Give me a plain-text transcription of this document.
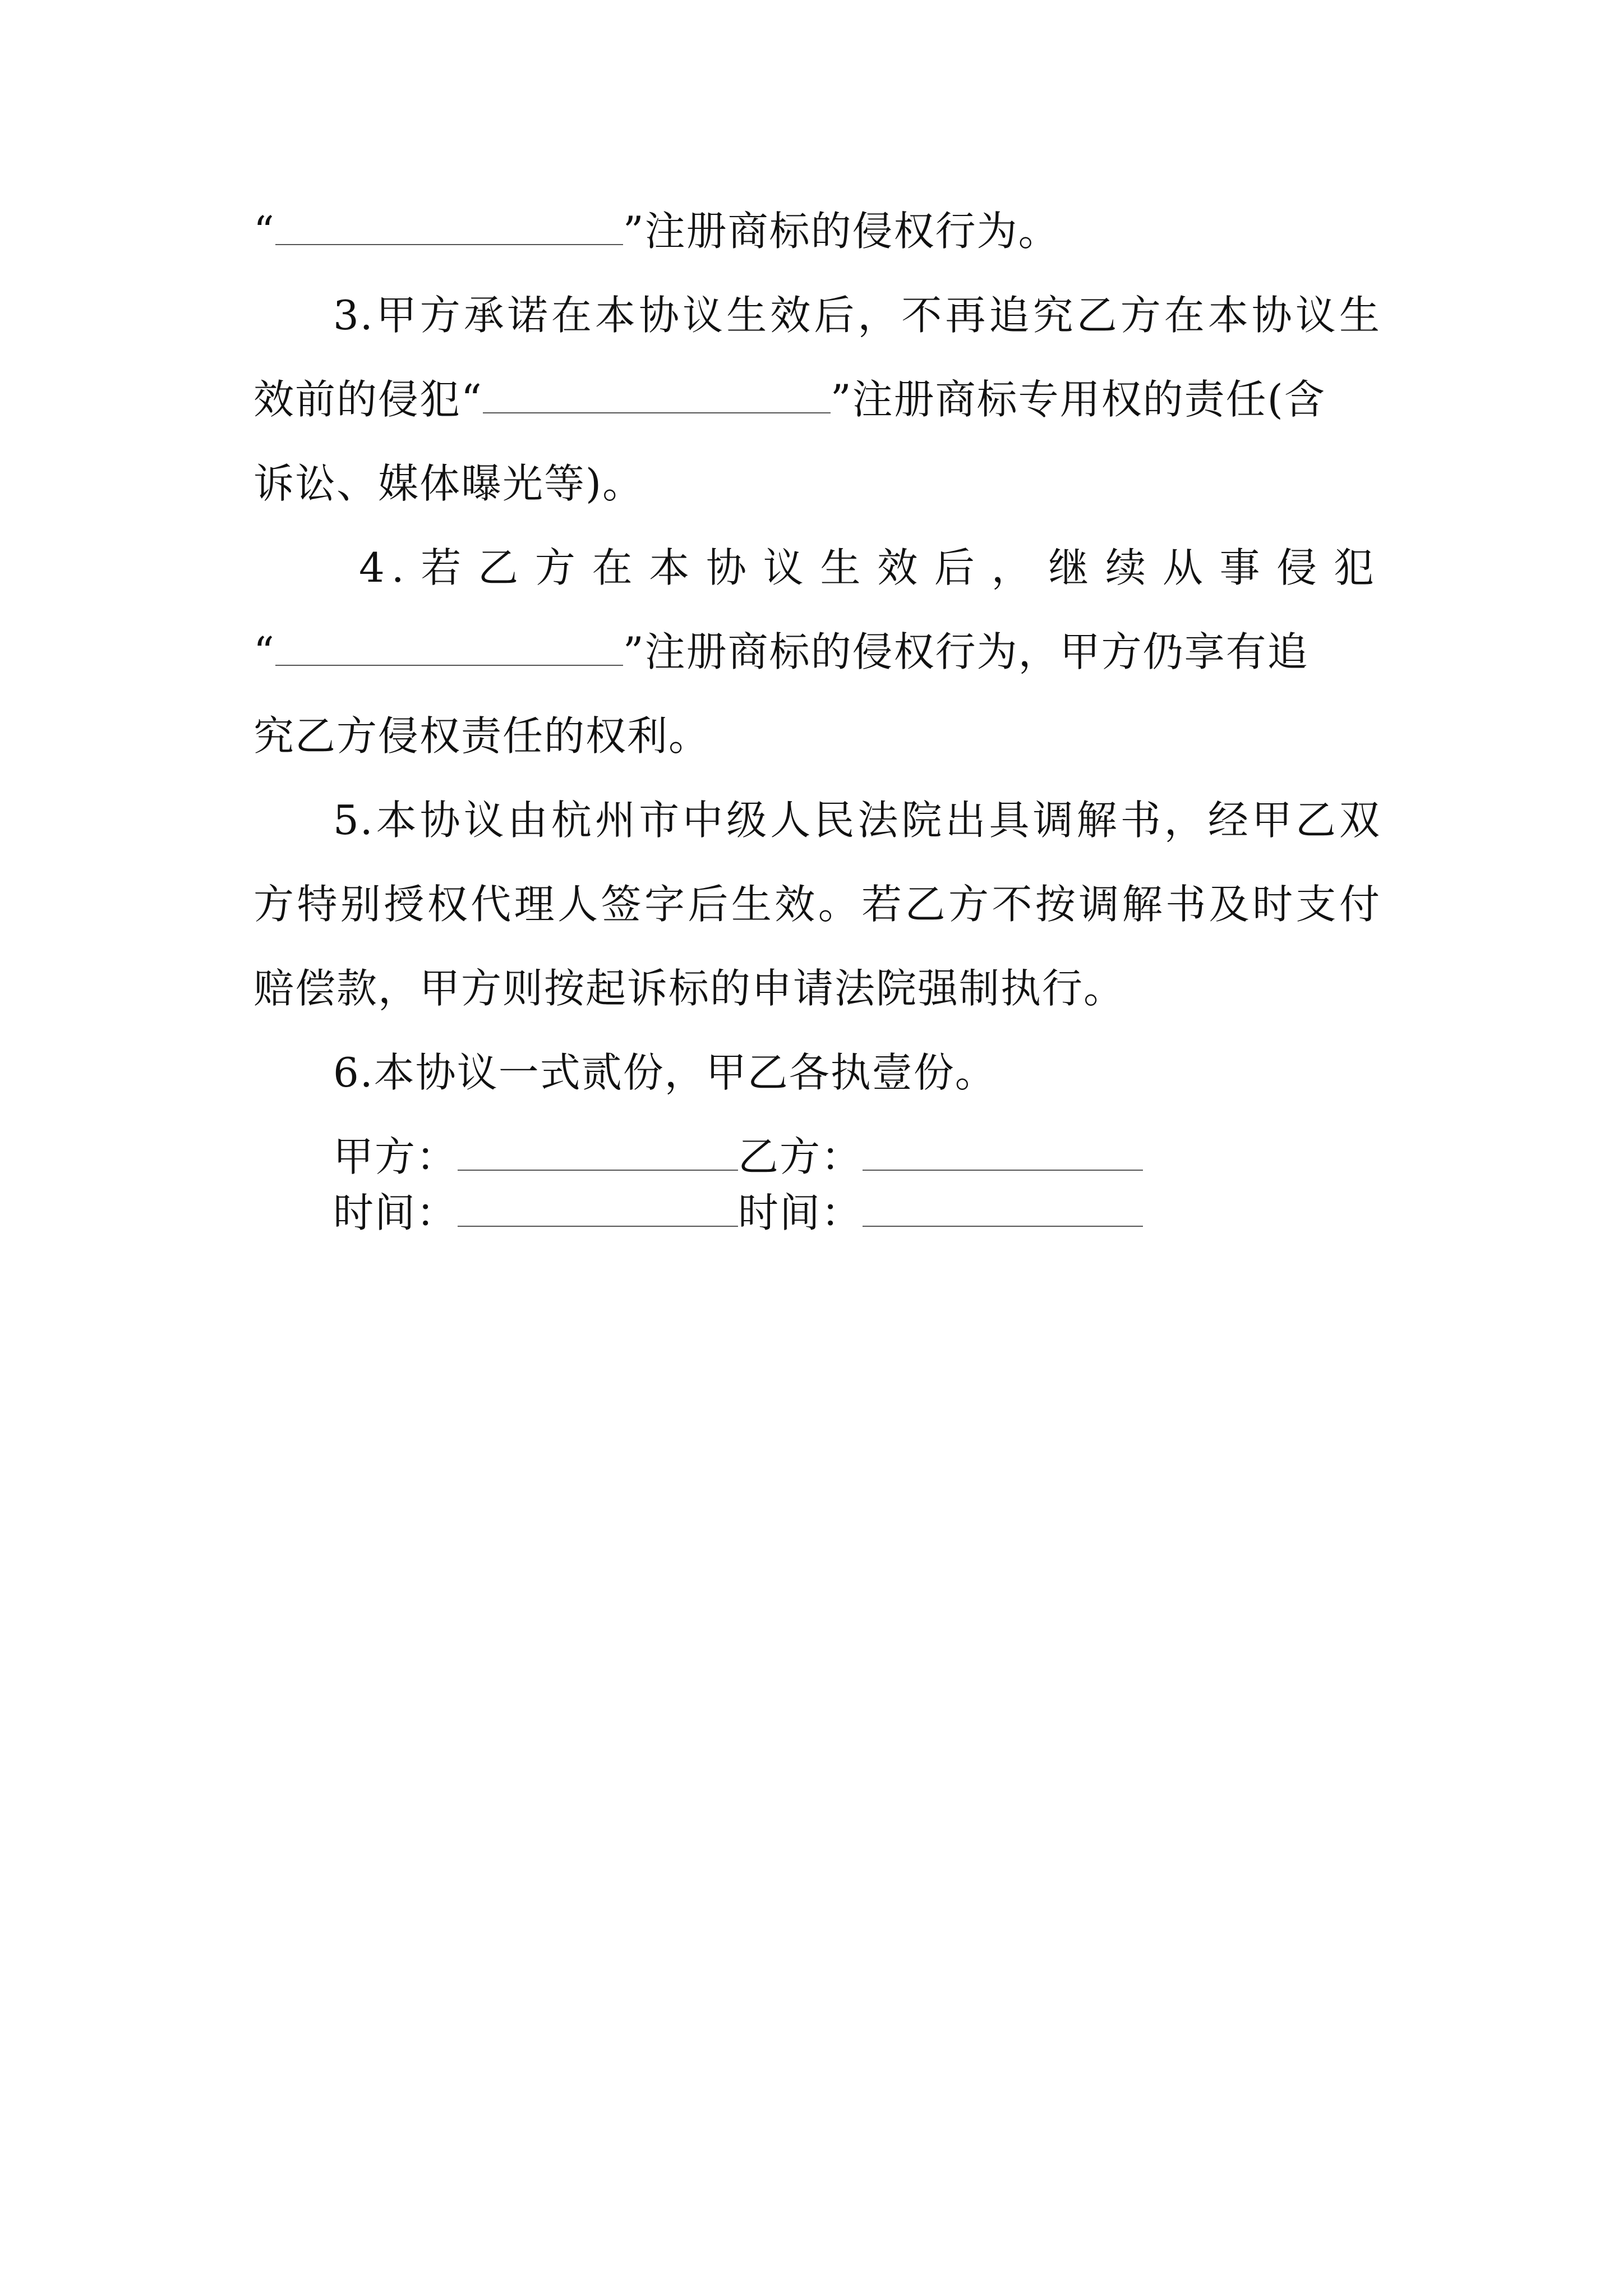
“	”注册商标的侵权行为。
3.甲方承诺在本协议生效后，不再追究乙方在本协议生
效前的侵犯“	”注册商标专用权的责任(含
诉讼、媒体曝光等)。
4.若乙方在本协议生效后，继续从事侵犯
“	”注册商标的侵权行为，甲方仍享有追
究乙方侵权责任的权利。
5.本协议由杭州市中级人民法院出具调解书，经甲乙双
方特别授权代理人签字后生效。若乙方不按调解书及时支付
赔偿款，甲方则按起诉标的申请法院强制执行。
6.本协议一式贰份，甲乙各执壹份。
甲方：	乙方：
时间：	时间：
